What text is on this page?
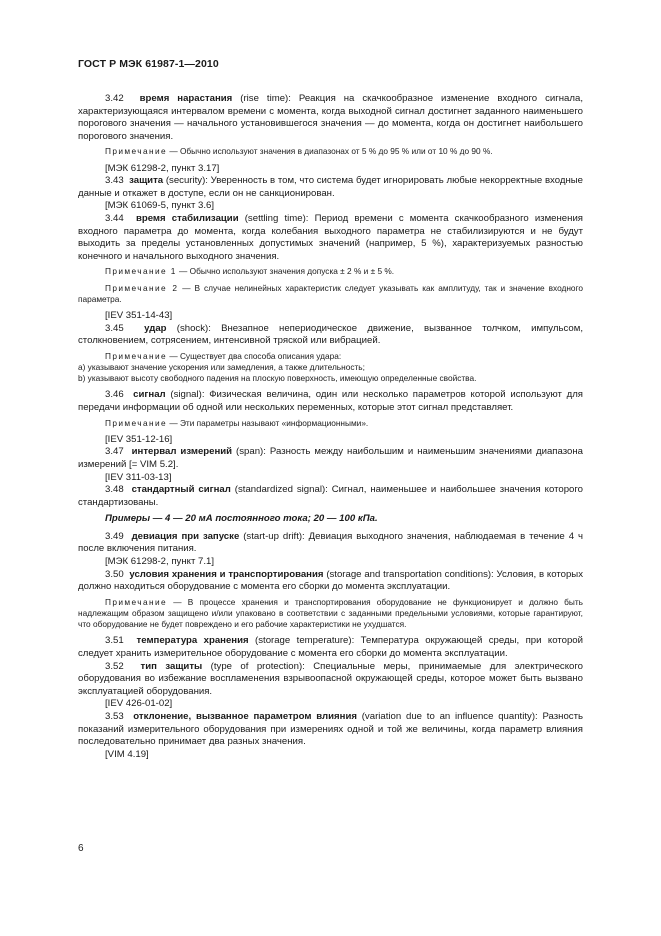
ГОСТ Р МЭК 61987-1—2010

3.42 время нарастания (rise time): Реакция на скачкообразное изменение входного сигнала, характеризующаяся интервалом времени с момента, когда выходной сигнал достигнет заданного наименьшего порогового значения — начального установившегося значения — до момента, когда он достигнет наибольшего порогового значения.

Примечание — Обычно используют значения в диапазонах от 5 % до 95 % или от 10 % до 90 %.

[МЭК 61298-2, пункт 3.17]

3.43 защита (security): Уверенность в том, что система будет игнорировать любые некорректные входные данные и откажет в доступе, если он не санкционирован.

[МЭК 61069-5, пункт 3.6]

3.44 время стабилизации (settling time): Период времени с момента скачкообразного изменения входного параметра до момента, когда колебания выходного параметра не стабилизируются и не будут выходить за пределы установленных допустимых значений (например, 5 %), характеризуемых разностью конечного и начального выходного значения.

Примечание 1 — Обычно используют значения допуска ± 2 % и ± 5 %.

Примечание 2 — В случае нелинейных характеристик следует указывать как амплитуду, так и значение входного параметра.

[IEV 351-14-43]

3.45 удар (shock): Внезапное непериодическое движение, вызванное толчком, импульсом, столкновением, сотрясением, интенсивной тряской или вибрацией.

Примечание — Существует два способа описания удара:
а) указывают значение ускорения или замедления, а также длительность;
b) указывают высоту свободного падения на плоскую поверхность, имеющую определенные свойства.

3.46 сигнал (signal): Физическая величина, один или несколько параметров которой используют для передачи информации об одной или нескольких переменных, которые этот сигнал представляет.

Примечание — Эти параметры называют «информационными».

[IEV 351-12-16]

3.47 интервал измерений (span): Разность между наибольшим и наименьшим значениями диапазона измерений [= VIM 5.2].

[IEV 311-03-13]

3.48 стандартный сигнал (standardized signal): Сигнал, наименьшее и наибольшее значения которого стандартизованы.

Примеры — 4 — 20 мА постоянного тока; 20 — 100 кПа.

3.49 девиация при запуске (start-up drift): Девиация выходного значения, наблюдаемая в течение 4 ч после включения питания.

[МЭК 61298-2, пункт 7.1]

3.50 условия хранения и транспортирования (storage and transportation conditions): Условия, в которых должно находиться оборудование с момента его сборки до момента эксплуатации.

Примечание — В процессе хранения и транспортирования оборудование не функционирует и должно быть надлежащим образом защищено и/или упаковано в соответствии с заданными предельными условиями, которые гарантируют, что оборудование не будет повреждено и его рабочие характеристики не ухудшатся.

3.51 температура хранения (storage temperature): Температура окружающей среды, при которой следует хранить измерительное оборудование с момента его сборки до момента эксплуатации.

3.52 тип защиты (type of protection): Специальные меры, принимаемые для электрического оборудования во избежание воспламенения взрывоопасной окружающей среды, которое может быть вызвано эксплуатацией оборудования.

[IEV 426-01-02]

3.53 отклонение, вызванное параметром влияния (variation due to an influence quantity): Разность показаний измерительного оборудования при измерениях одной и той же величины, когда параметр влияния последовательно принимает два разных значения.

[VIM 4.19]

6
